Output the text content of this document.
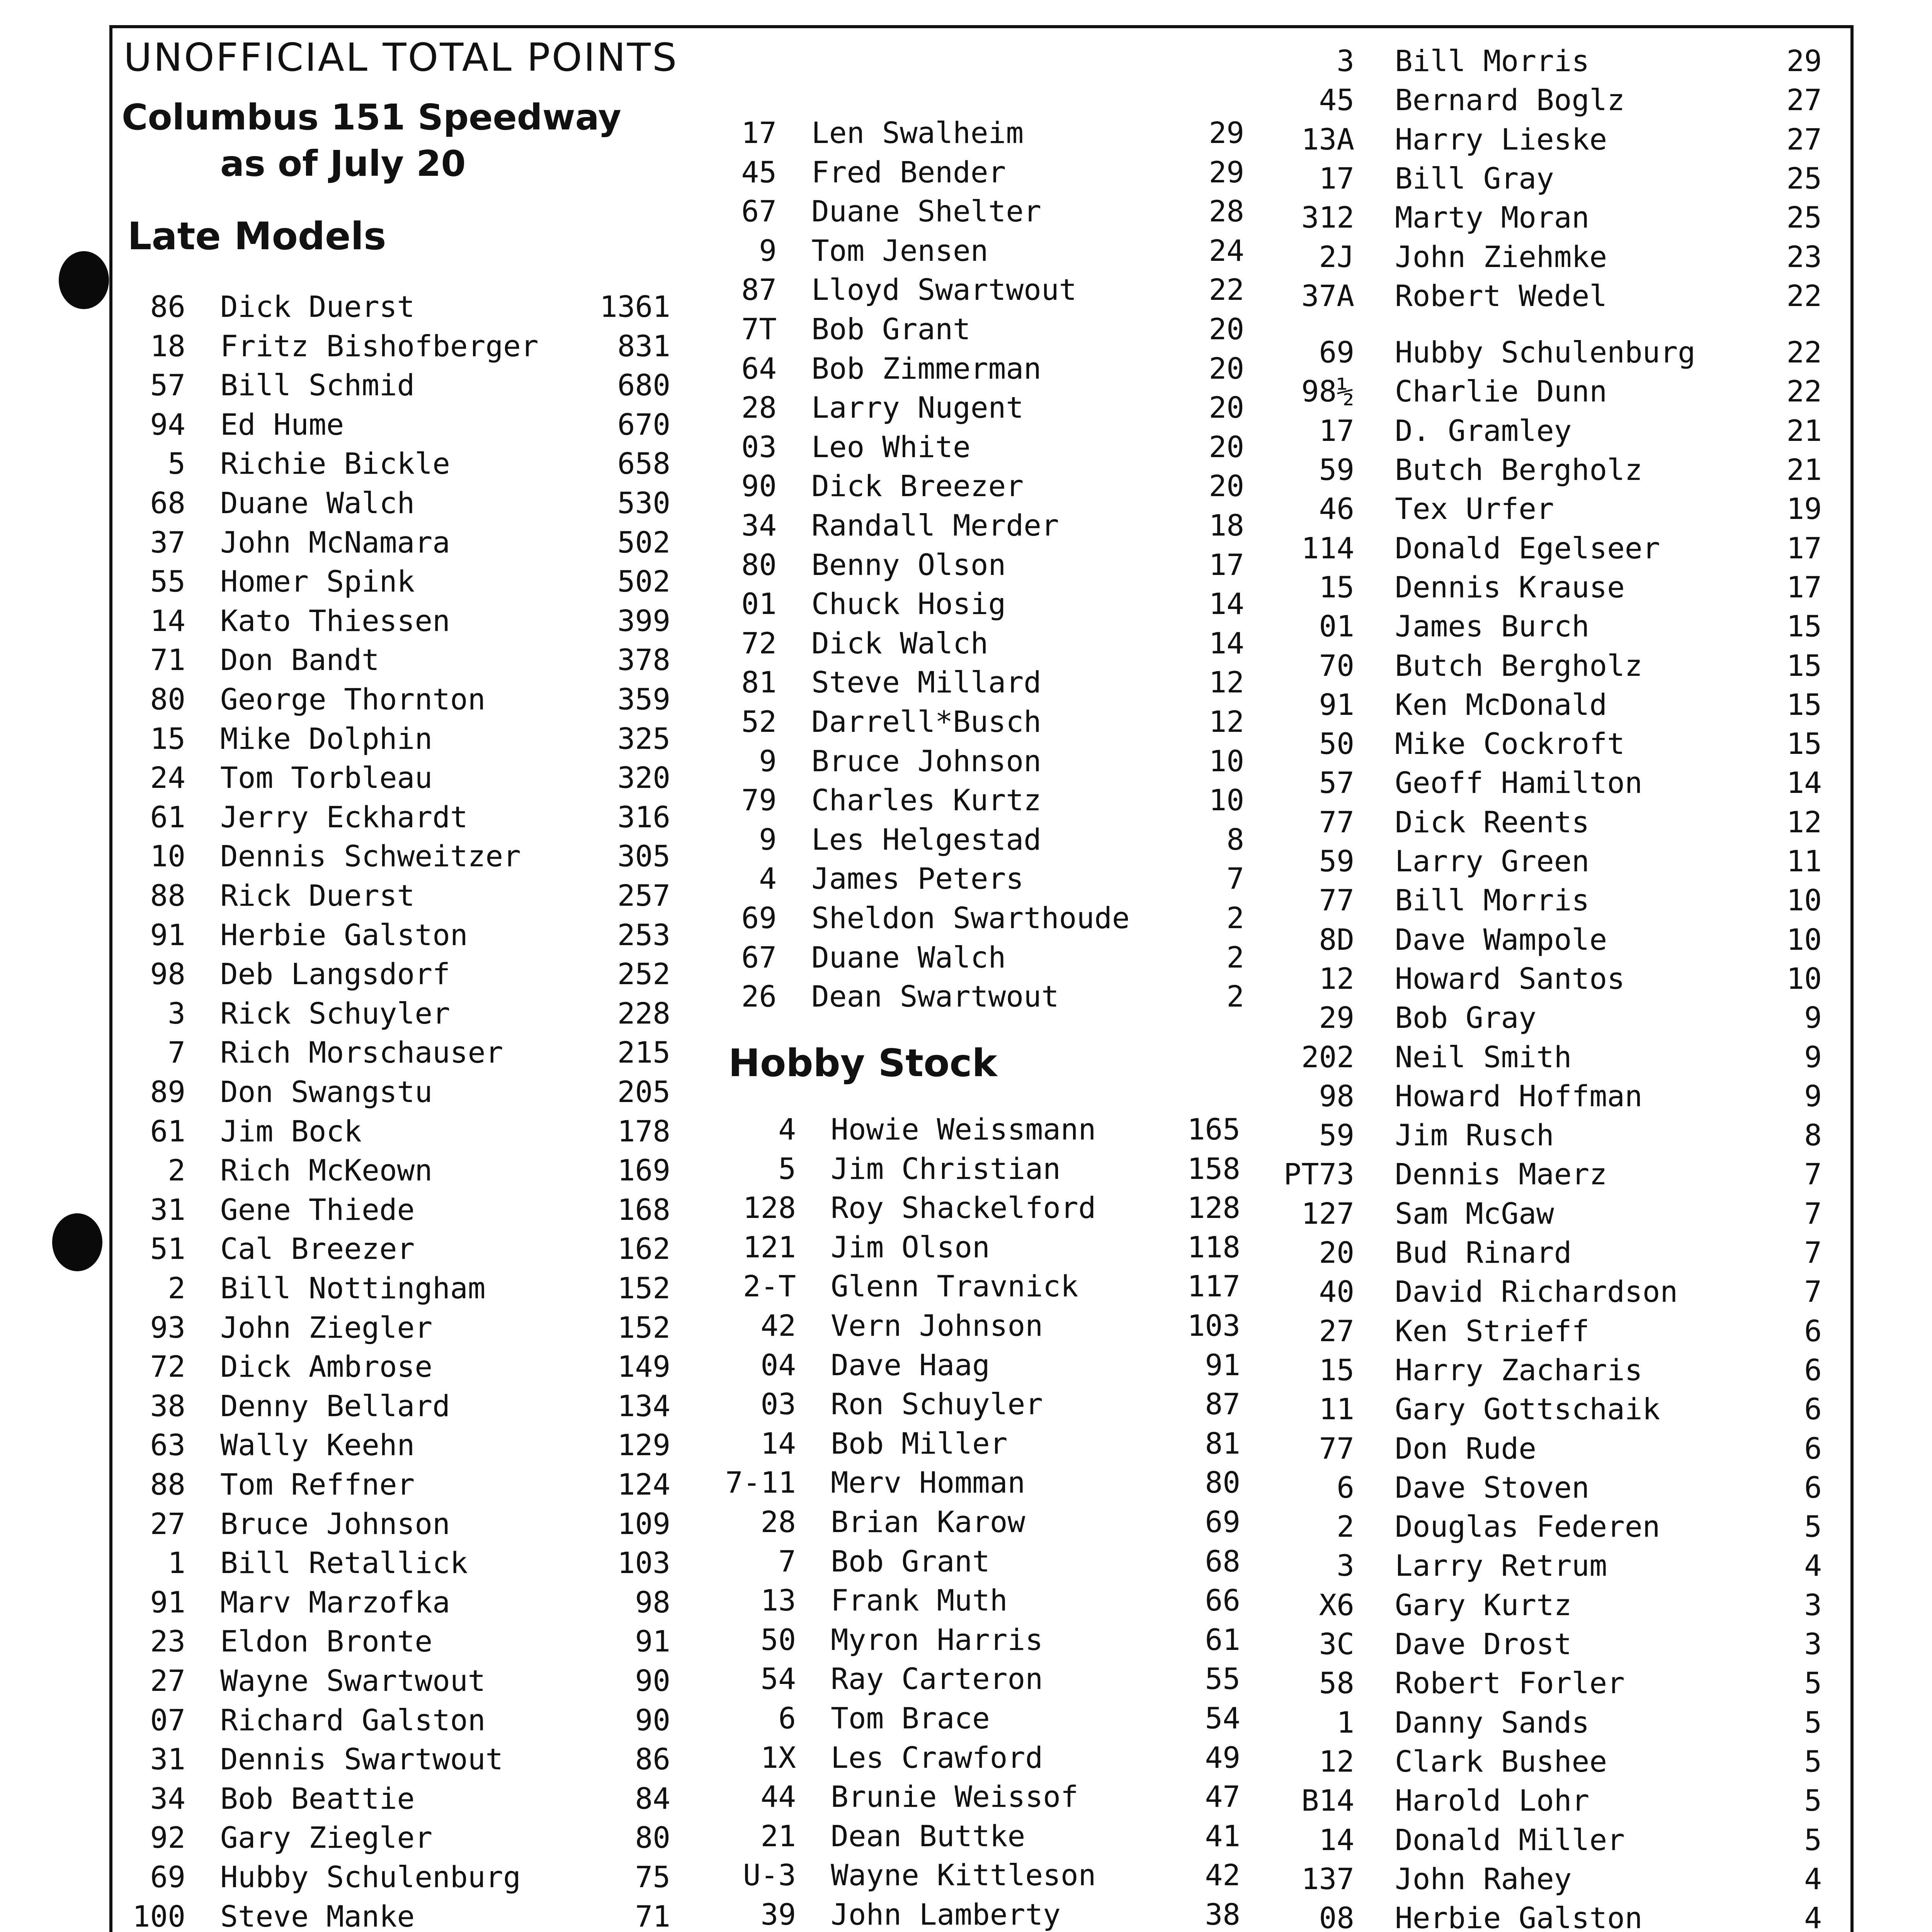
UNOFFICIAL TOTAL POINTS
Columbus 151 Speedway
as of July 20
Late Models
Hobby Stock
86 Dick Duerst	1361
18 Fritz Bishofberger	831
57 Bill Schmid	680
94 Ed Hume	670
5 Richie Bickle	658
68 Duane Walch	530
37 John McNamara	502
55 Homer Spink	502
14 Kato Thiessen	399
71 Don Bandt	378
80 George Thornton	359
15 Mike Dolphin	325
24 Tom Torbleau	320
61 Jerry Eckhardt	316
10 Dennis Schweitzer	305
88 Rick Duerst	257
91 Herbie Galston	253
98 Deb Langsdorf	252
3 Rick Schuyler	228
7 Rich Morschauser	215
89 Don Swangstu	205
61 Jim Bock	178
2 Rich McKeown	169
31 Gene Thiede	168
51 Cal Breezer	162
2 Bill Nottingham	152
93 John Ziegler	152
72 Dick Ambrose	149
38 Denny Bellard	134
63 Wally Keehn	129
88 Tom Reffner	124
27 Bruce Johnson	109
1 Bill Retallick	103
91 Marv Marzofka	98
23 Eldon Bronte	91
27 Wayne Swartwout	90
07 Richard Galston	90
31 Dennis Swartwout	86
34 Bob Beattie	84
92 Gary Ziegler	80
69 Hubby Schulenburg	75
100 Steve Manke	71
17 Len Swalheim	29
45 Fred Bender	29
67 Duane Shelter	28
9 Tom Jensen	24
87 Lloyd Swartwout	22
7T Bob Grant	20
64 Bob Zimmerman	20
28 Larry Nugent	20
03 Leo White	20
90 Dick Breezer	20
34 Randall Merder	18
80 Benny Olson	17
01 Chuck Hosig	14
72 Dick Walch	14
81 Steve Millard	12
52 Darrell*Busch	12
9 Bruce Johnson	10
79 Charles Kurtz	10
9 Les Helgestad	8
4 James Peters	7
69 Sheldon Swarthoude	2
67 Duane Walch	2
26 Dean Swartwout	2
4 Howie Weissmann	165
5 Jim Christian	158
128 Roy Shackelford	128
121 Jim Olson	118
2-T Glenn Travnick	117
42 Vern Johnson	103
04 Dave Haag	91
03 Ron Schuyler	87
14 Bob Miller	81
7-11 Merv Homman	80
28 Brian Karow	69
7 Bob Grant	68
13 Frank Muth	66
50 Myron Harris	61
54 Ray Carteron	55
6 Tom Brace	54
1X Les Crawford	49
44 Brunie Weissof	47
21 Dean Buttke	41
U-3 Wayne Kittleson	42
39 John Lamberty	38
3 Bill Morris	29
45 Bernard Boglz	27
13A Harry Lieske	27
17 Bill Gray	25
312 Marty Moran	25
2J John Ziehmke	23
37A Robert Wedel	22
69 Hubby Schulenburg	22
98½ Charlie Dunn	22
17 D. Gramley	21
59 Butch Bergholz	21
46 Tex Urfer	19
114 Donald Egelseer	17
15 Dennis Krause	17
01 James Burch	15
70 Butch Bergholz	15
91 Ken McDonald	15
50 Mike Cockroft	15
57 Geoff Hamilton	14
77 Dick Reents	12
59 Larry Green	11
77 Bill Morris	10
8D Dave Wampole	10
12 Howard Santos	10
29 Bob Gray	9
202 Neil Smith	9
98 Howard Hoffman	9
59 Jim Rusch	8
PT73 Dennis Maerz	7
127 Sam McGaw	7
20 Bud Rinard	7
40 David Richardson	7
27 Ken Strieff	6
15 Harry Zacharis	6
11 Gary Gottschaik	6
77 Don Rude	6
6 Dave Stoven	6
2 Douglas Federen	5
3 Larry Retrum	4
X6 Gary Kurtz	3
3C Dave Drost	3
58 Robert Forler	5
1 Danny Sands	5
12 Clark Bushee	5
B14 Harold Lohr	5
14 Donald Miller	5
137 John Rahey	4
08 Herbie Galston	4
